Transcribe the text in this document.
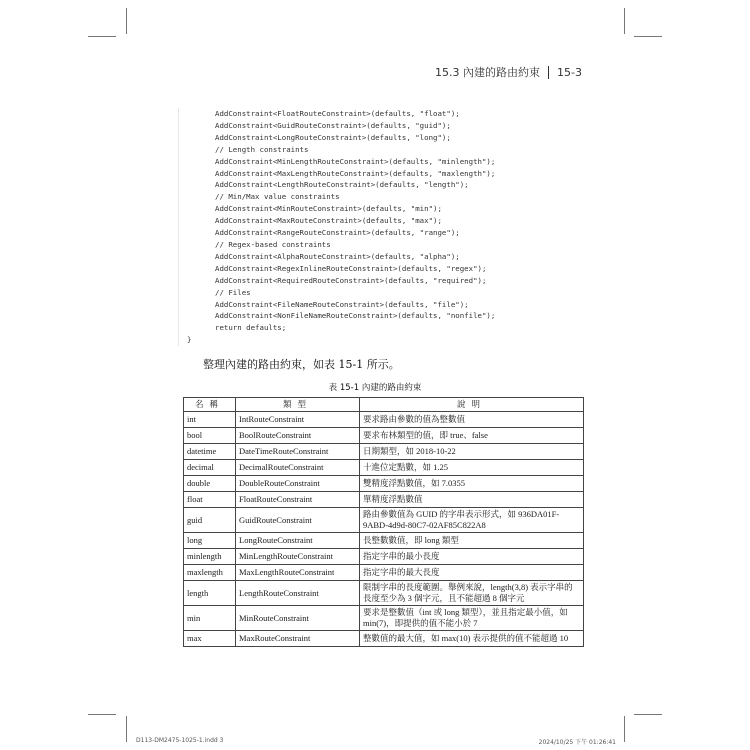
15.3 內建的路由約束 15-3
AddConstraint<FloatRouteConstraint>(defaults, "float");
AddConstraint<GuidRouteConstraint>(defaults, "guid");
AddConstraint<LongRouteConstraint>(defaults, "long");
// Length constraints
AddConstraint<MinLengthRouteConstraint>(defaults, "minlength");
AddConstraint<MaxLengthRouteConstraint>(defaults, "maxlength");
AddConstraint<LengthRouteConstraint>(defaults, "length");
// Min/Max value constraints
AddConstraint<MinRouteConstraint>(defaults, "min");
AddConstraint<MaxRouteConstraint>(defaults, "max");
AddConstraint<RangeRouteConstraint>(defaults, "range");
// Regex-based constraints
AddConstraint<AlphaRouteConstraint>(defaults, "alpha");
AddConstraint<RegexInlineRouteConstraint>(defaults, "regex");
AddConstraint<RequiredRouteConstraint>(defaults, "required");
// Files
AddConstraint<FileNameRouteConstraint>(defaults, "file");
AddConstraint<NonFileNameRouteConstraint>(defaults, "nonfile");
return defaults;
}
整理內建的路由約束，如表 15-1 所示。
表 15-1 內建的路由約束
名稱	類型	說明
int	IntRouteConstraint	要求路由參數的值為整數值
bool	BoolRouteConstraint	要求布林類型的值，即 true、false
datetime	DateTimeRouteConstraint	日期類型，如 2018-10-22
decimal	DecimalRouteConstraint	十進位定點數，如 1.25
double	DoubleRouteConstraint	雙精度浮點數值，如 7.0355
float	FloatRouteConstraint	單精度浮點數值
guid	GuidRouteConstraint	路由參數值為 GUID 的字串表示形式，如 936DA01F-9ABD-4d9d-80C7-02AF85C822A8
long	LongRouteConstraint	長整數數值，即 long 類型
minlength	MinLengthRouteConstraint	指定字串的最小長度
maxlength	MaxLengthRouteConstraint	指定字串的最大長度
length	LengthRouteConstraint	限制字串的長度範圍。舉例來說，length(3,8) 表示字串的長度至少為 3 個字元，且不能超過 8 個字元
min	MinRouteConstraint	要求是整數值（int 或 long 類型），並且指定最小值，如 min(7)，即提供的值不能小於 7
max	MaxRouteConstraint	整數值的最大值，如 max(10) 表示提供的值不能超過 10
D113-DM2475-1025-1.indd 3	2024/10/25 下午 01:26:41
